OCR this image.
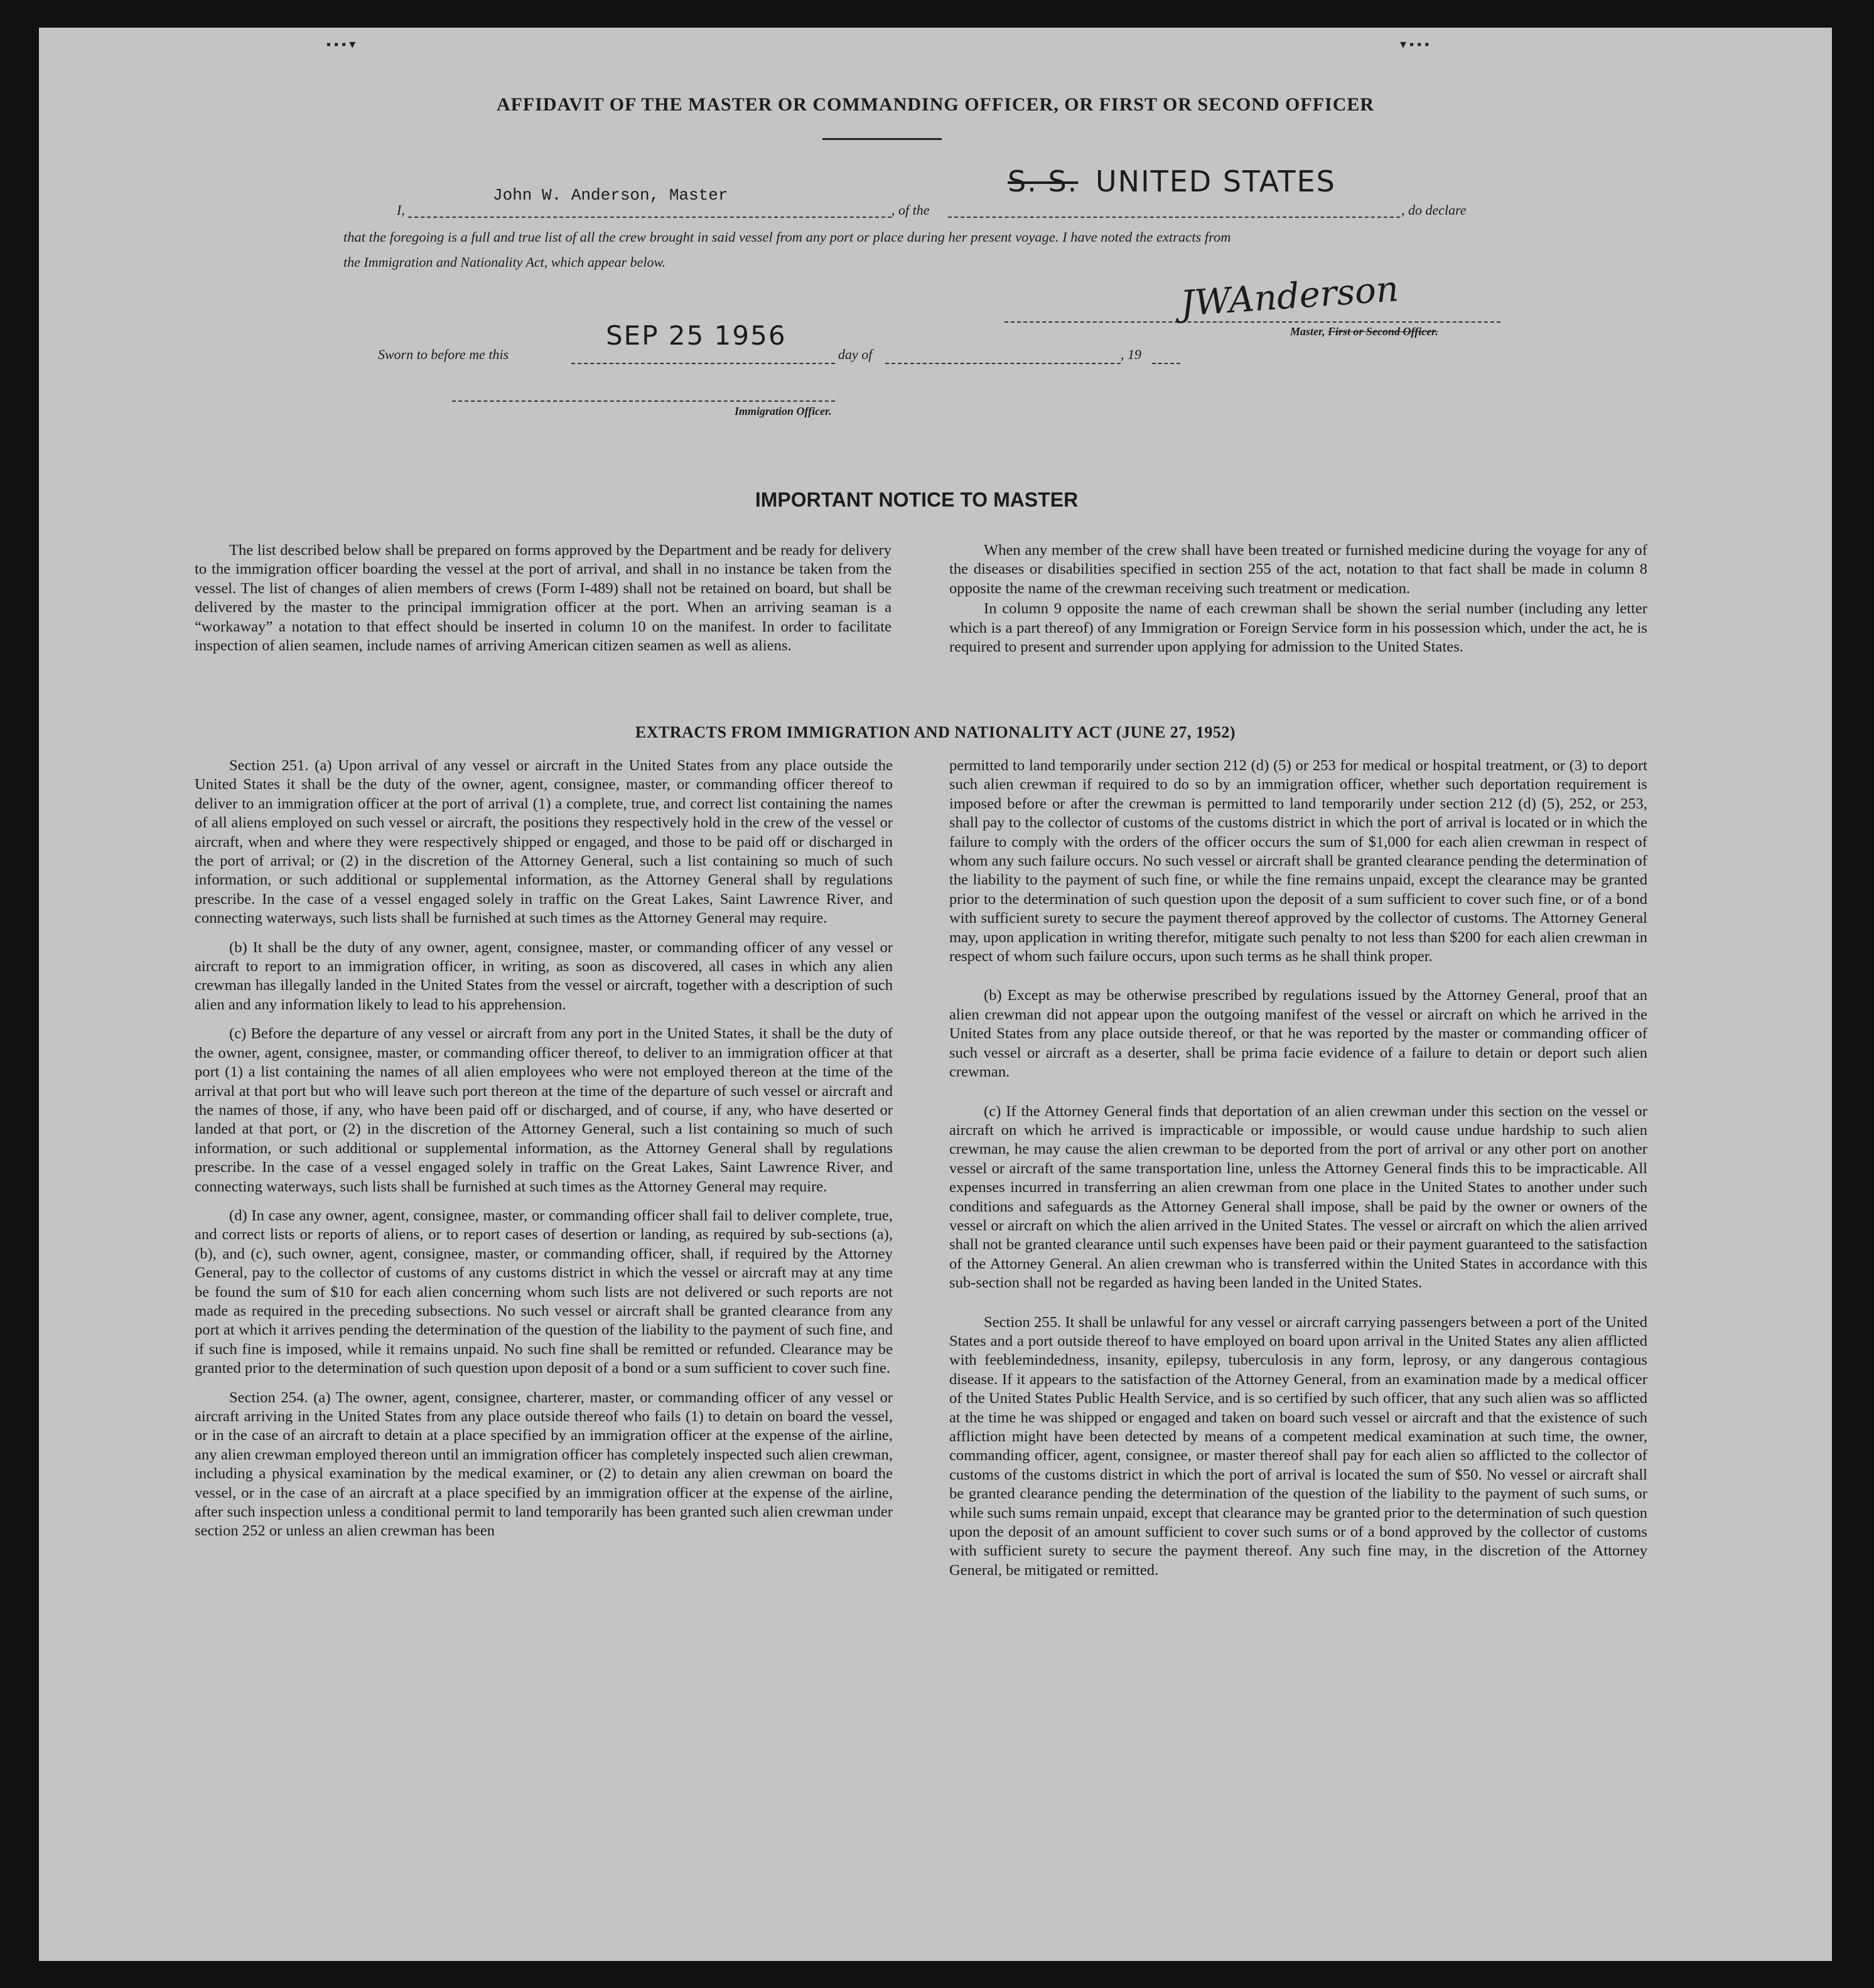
▪ ▪ ▪ ▾	▾ ▪ ▪ ▪
AFFIDAVIT OF THE MASTER OR COMMANDING OFFICER, OR FIRST OR SECOND OFFICER
I,
John W. Anderson, Master
, of the
S. S. UNITED STATES
, do declare
that the foregoing is a full and true list of all the crew brought in said vessel from any port or place during her present voyage. I have noted the extracts from
the Immigration and Nationality Act, which appear below.
JWAnderson
Master, First or Second Officer.
Sworn to before me this
SEP 25 1956
day of	, 19
Immigration Officer.
IMPORTANT NOTICE TO MASTER

The list described below shall be prepared on forms approved by the Department and be ready for delivery to the immigration officer boarding the vessel at the port of arrival, and shall in no instance be taken from the vessel. The list of changes of alien members of crews (Form I-489) shall not be retained on board, but shall be delivered by the master to the principal immigration officer at the port. When an arriving seaman is a “workaway” a notation to that effect should be inserted in column 10 on the manifest. In order to facilitate inspection of alien seamen, include names of arriving American citizen seamen as well as aliens.

When any member of the crew shall have been treated or furnished medicine during the voyage for any of the diseases or disabilities specified in section 255 of the act, notation to that fact shall be made in column 8 opposite the name of the crewman receiving such treatment or medication.

In column 9 opposite the name of each crewman shall be shown the serial number (including any letter which is a part thereof) of any Immigration or Foreign Service form in his possession which, under the act, he is required to present and surrender upon applying for admission to the United States.

EXTRACTS FROM IMMIGRATION AND NATIONALITY ACT (JUNE 27, 1952)

Section 251. (a) Upon arrival of any vessel or aircraft in the United States from any place outside the United States it shall be the duty of the owner, agent, consignee, master, or commanding officer thereof to deliver to an immigration officer at the port of arrival (1) a complete, true, and correct list containing the names of all aliens employed on such vessel or aircraft, the positions they respectively hold in the crew of the vessel or aircraft, when and where they were respectively shipped or engaged, and those to be paid off or discharged in the port of arrival; or (2) in the discretion of the Attorney General, such a list containing so much of such information, or such additional or supplemental information, as the Attorney General shall by regulations prescribe. In the case of a vessel engaged solely in traffic on the Great Lakes, Saint Lawrence River, and connecting waterways, such lists shall be furnished at such times as the Attorney General may require.

(b) It shall be the duty of any owner, agent, consignee, master, or commanding officer of any vessel or aircraft to report to an immigration officer, in writing, as soon as discovered, all cases in which any alien crewman has illegally landed in the United States from the vessel or aircraft, together with a description of such alien and any information likely to lead to his apprehension.

(c) Before the departure of any vessel or aircraft from any port in the United States, it shall be the duty of the owner, agent, consignee, master, or commanding officer thereof, to deliver to an immigration officer at that port (1) a list containing the names of all alien employees who were not employed thereon at the time of the arrival at that port but who will leave such port thereon at the time of the departure of such vessel or aircraft and the names of those, if any, who have been paid off or discharged, and of course, if any, who have deserted or landed at that port, or (2) in the discretion of the Attorney General, such a list containing so much of such information, or such additional or supplemental information, as the Attorney General shall by regulations prescribe. In the case of a vessel engaged solely in traffic on the Great Lakes, Saint Lawrence River, and connecting waterways, such lists shall be furnished at such times as the Attorney General may require.

(d) In case any owner, agent, consignee, master, or commanding officer shall fail to deliver complete, true, and correct lists or reports of aliens, or to report cases of desertion or landing, as required by sub-sections (a), (b), and (c), such owner, agent, consignee, master, or commanding officer, shall, if required by the Attorney General, pay to the collector of customs of any customs district in which the vessel or aircraft may at any time be found the sum of $10 for each alien concerning whom such lists are not delivered or such reports are not made as required in the preceding subsections. No such vessel or aircraft shall be granted clearance from any port at which it arrives pending the determination of the question of the liability to the payment of such fine, and if such fine is imposed, while it remains unpaid. No such fine shall be remitted or refunded. Clearance may be granted prior to the determination of such question upon deposit of a bond or a sum sufficient to cover such fine.

Section 254. (a) The owner, agent, consignee, charterer, master, or commanding officer of any vessel or aircraft arriving in the United States from any place outside thereof who fails (1) to detain on board the vessel, or in the case of an aircraft to detain at a place specified by an immigration officer at the expense of the airline, any alien crewman employed thereon until an immigration officer has completely inspected such alien crewman, including a physical examination by the medical examiner, or (2) to detain any alien crewman on board the vessel, or in the case of an aircraft at a place specified by an immigration officer at the expense of the airline, after such inspection unless a conditional permit to land temporarily has been granted such alien crewman under section 252 or unless an alien crewman has been

permitted to land temporarily under section 212 (d) (5) or 253 for medical or hospital treatment, or (3) to deport such alien crewman if required to do so by an immigration officer, whether such deportation requirement is imposed before or after the crewman is permitted to land temporarily under section 212 (d) (5), 252, or 253, shall pay to the collector of customs of the customs district in which the port of arrival is located or in which the failure to comply with the orders of the officer occurs the sum of $1,000 for each alien crewman in respect of whom any such failure occurs. No such vessel or aircraft shall be granted clearance pending the determination of the liability to the payment of such fine, or while the fine remains unpaid, except the clearance may be granted prior to the determination of such question upon the deposit of a sum sufficient to cover such fine, or of a bond with sufficient surety to secure the payment thereof approved by the collector of customs. The Attorney General may, upon application in writing therefor, mitigate such penalty to not less than $200 for each alien crewman in respect of whom such failure occurs, upon such terms as he shall think proper.

(b) Except as may be otherwise prescribed by regulations issued by the Attorney General, proof that an alien crewman did not appear upon the outgoing manifest of the vessel or aircraft on which he arrived in the United States from any place outside thereof, or that he was reported by the master or commanding officer of such vessel or aircraft as a deserter, shall be prima facie evidence of a failure to detain or deport such alien crewman.

(c) If the Attorney General finds that deportation of an alien crewman under this section on the vessel or aircraft on which he arrived is impracticable or impossible, or would cause undue hardship to such alien crewman, he may cause the alien crewman to be deported from the port of arrival or any other port on another vessel or aircraft of the same transportation line, unless the Attorney General finds this to be impracticable. All expenses incurred in transferring an alien crewman from one place in the United States to another under such conditions and safeguards as the Attorney General shall impose, shall be paid by the owner or owners of the vessel or aircraft on which the alien arrived in the United States. The vessel or aircraft on which the alien arrived shall not be granted clearance until such expenses have been paid or their payment guaranteed to the satisfaction of the Attorney General. An alien crewman who is transferred within the United States in accordance with this sub-section shall not be regarded as having been landed in the United States.

Section 255. It shall be unlawful for any vessel or aircraft carrying passengers between a port of the United States and a port outside thereof to have employed on board upon arrival in the United States any alien afflicted with feeblemindedness, insanity, epilepsy, tuberculosis in any form, leprosy, or any dangerous contagious disease. If it appears to the satisfaction of the Attorney General, from an examination made by a medical officer of the United States Public Health Service, and is so certified by such officer, that any such alien was so afflicted at the time he was shipped or engaged and taken on board such vessel or aircraft and that the existence of such affliction might have been detected by means of a competent medical examination at such time, the owner, commanding officer, agent, consignee, or master thereof shall pay for each alien so afflicted to the collector of customs of the customs district in which the port of arrival is located the sum of $50. No vessel or aircraft shall be granted clearance pending the determination of the question of the liability to the payment of such sums, or while such sums remain unpaid, except that clearance may be granted prior to the determination of such question upon the deposit of an amount sufficient to cover such sums or of a bond approved by the collector of customs with sufficient surety to secure the payment thereof. Any such fine may, in the discretion of the Attorney General, be mitigated or remitted.
